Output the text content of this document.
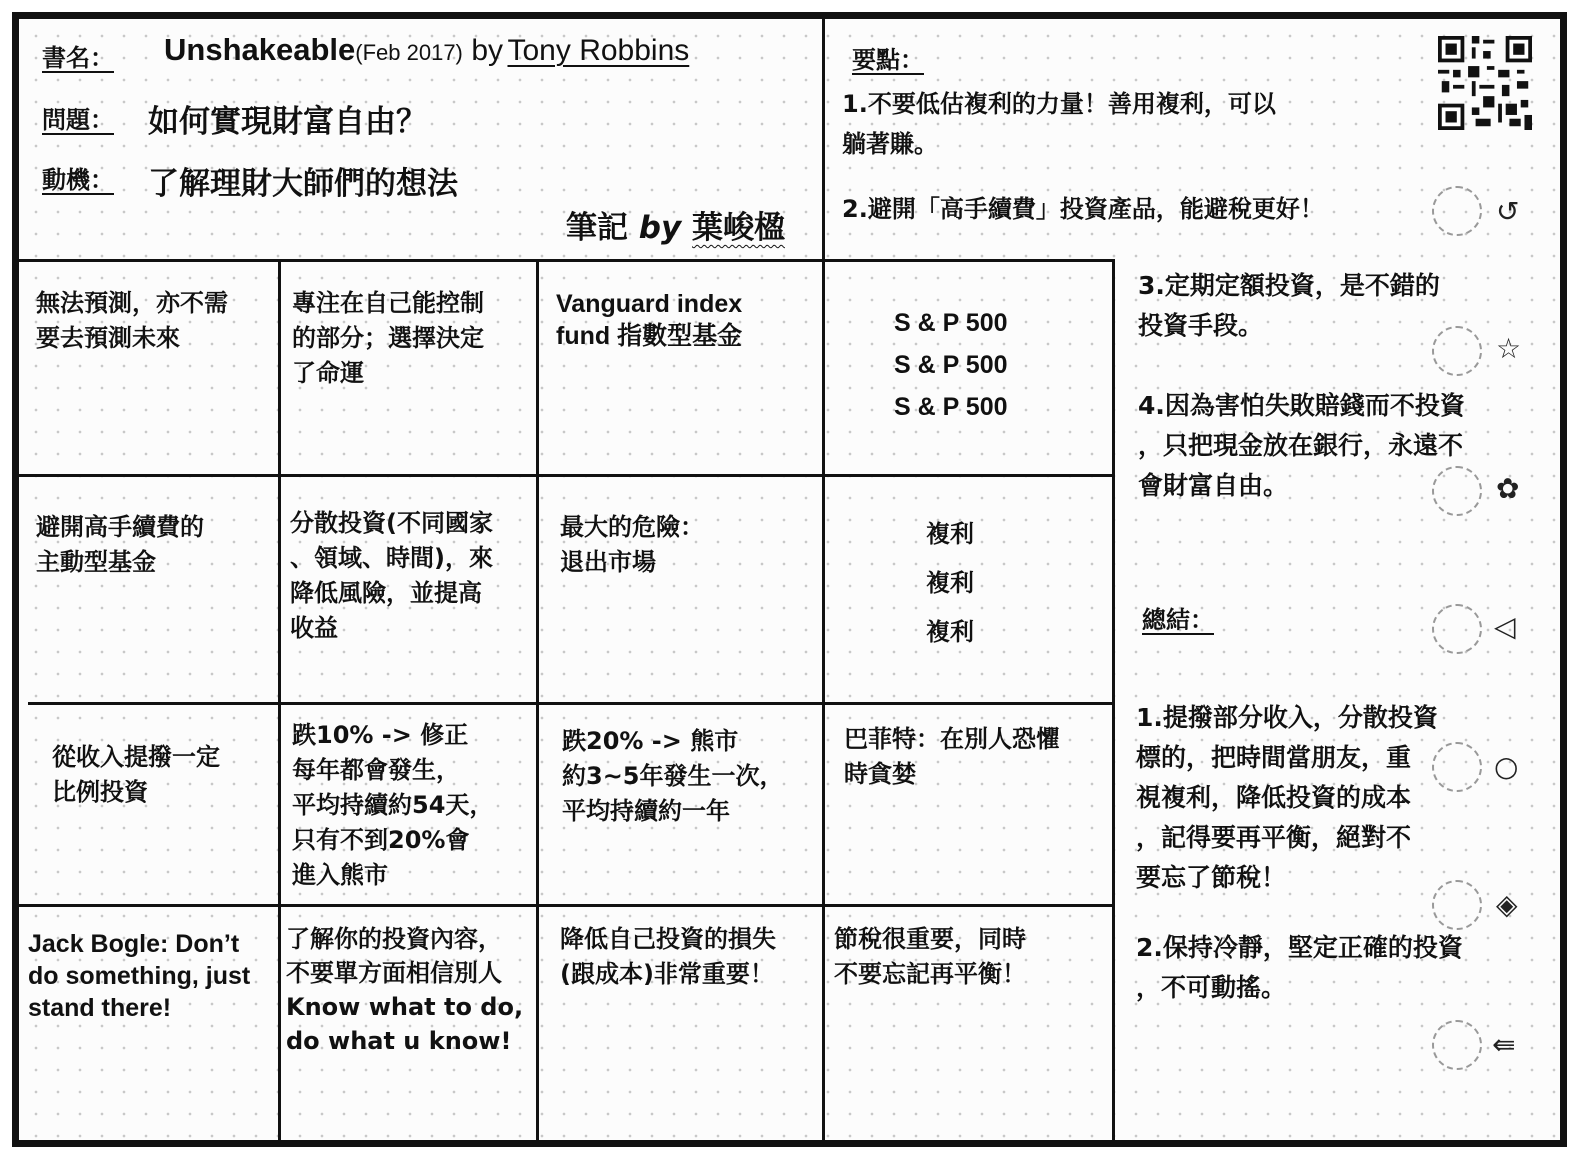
書名： Unshakeable(Feb 2017) by Tony Robbins
問題： 如何實現財富自由？
動機： 了解理財大師們的想法
筆記 by 葉峻楹
要點：
1.不要低估複利的力量！善用複利，可以
躺著賺。
2.避開「高手續費」投資產品，能避稅更好！
3.定期定額投資，是不錯的
投資手段。
4.因為害怕失敗賠錢而不投資
，只把現金放在銀行，永遠不
會財富自由。
總結：
1.提撥部分收入，分散投資
標的，把時間當朋友，重
視複利，降低投資的成本
，記得要再平衡，絕對不
要忘了節稅！
2.保持冷靜，堅定正確的投資
，不可動搖。
無法預測，亦不需
要去預測未來
專注在自己能控制
的部分；選擇決定
了命運
Vanguard index
fund 指數型基金	S & P 500
S & P 500
S & P 500
避開高手續費的
主動型基金
分散投資(不同國家
、領域、時間)，來
降低風險，並提高
收益
最大的危險：
退出市場
複利
複利
複利
從收入提撥一定
比例投資
跌10% -> 修正
每年都會發生，
平均持續約54天，
只有不到20%會
進入熊市
跌20% -> 熊市
約3~5年發生一次，
平均持續約一年
巴菲特：在別人恐懼
時貪婪
Jack Bogle: Don’t
do something, just
stand there!
了解你的投資內容，
不要單方面相信別人
Know what to do,
do what u know!
降低自己投資的損失
(跟成本)非常重要！
節稅很重要，同時
不要忘記再平衡！
↺
☆
✿
◁
○
◈
⇚
